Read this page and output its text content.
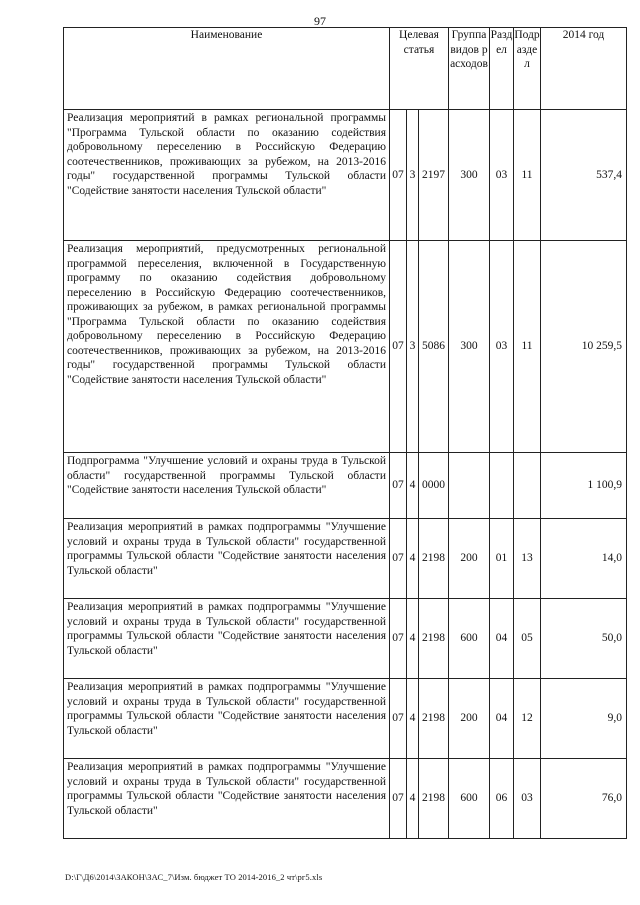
97
Наименование	Целевая статья			Группа видов расходов	Раздел	Подраздел	2014 год
Реализация мероприятий в рамках региональной программы "Программа Тульской области по оказанию содействия добровольному переселению в Российскую Федерацию соотечественников, проживающих за рубежом, на 2013-2016 годы" государственной программы Тульской области "Содействие занятости населения Тульской области"	07	3	2197	300	03	11	537,4
Реализация мероприятий, предусмотренных региональной программой переселения, включенной в Государственную программу по оказанию содействия добровольному переселению в Российскую Федерацию соотечественников, проживающих за рубежом, в рамках региональной программы "Программа Тульской области по оказанию содействия добровольному переселению в Российскую Федерацию соотечественников, проживающих за рубежом, на 2013-2016 годы" государственной программы Тульской области "Содействие занятости населения Тульской области"	07	3	5086	300	03	11	10 259,5
Подпрограмма "Улучшение условий и охраны труда в Тульской области" государственной программы Тульской области "Содействие занятости населения Тульской области"	07	4	0000				1 100,9
Реализация мероприятий в рамках подпрограммы "Улучшение условий и охраны труда в Тульской области" государственной программы Тульской области "Содействие занятости населения Тульской области"	07	4	2198	200	01	13	14,0
Реализация мероприятий в рамках подпрограммы "Улучшение условий и охраны труда в Тульской области" государственной программы Тульской области "Содействие занятости населения Тульской области"	07	4	2198	600	04	05	50,0
Реализация мероприятий в рамках подпрограммы "Улучшение условий и охраны труда в Тульской области" государственной программы Тульской области "Содействие занятости населения Тульской области"	07	4	2198	200	04	12	9,0
Реализация мероприятий в рамках подпрограммы "Улучшение условий и охраны труда в Тульской области" государственной программы Тульской области "Содействие занятости населения Тульской области"	07	4	2198	600	06	03	76,0
D:\Г\Д6\2014\ЗАКОН\ЗАС_7\Изм. бюджет ТО 2014-2016_2 чт\рг5.xls
